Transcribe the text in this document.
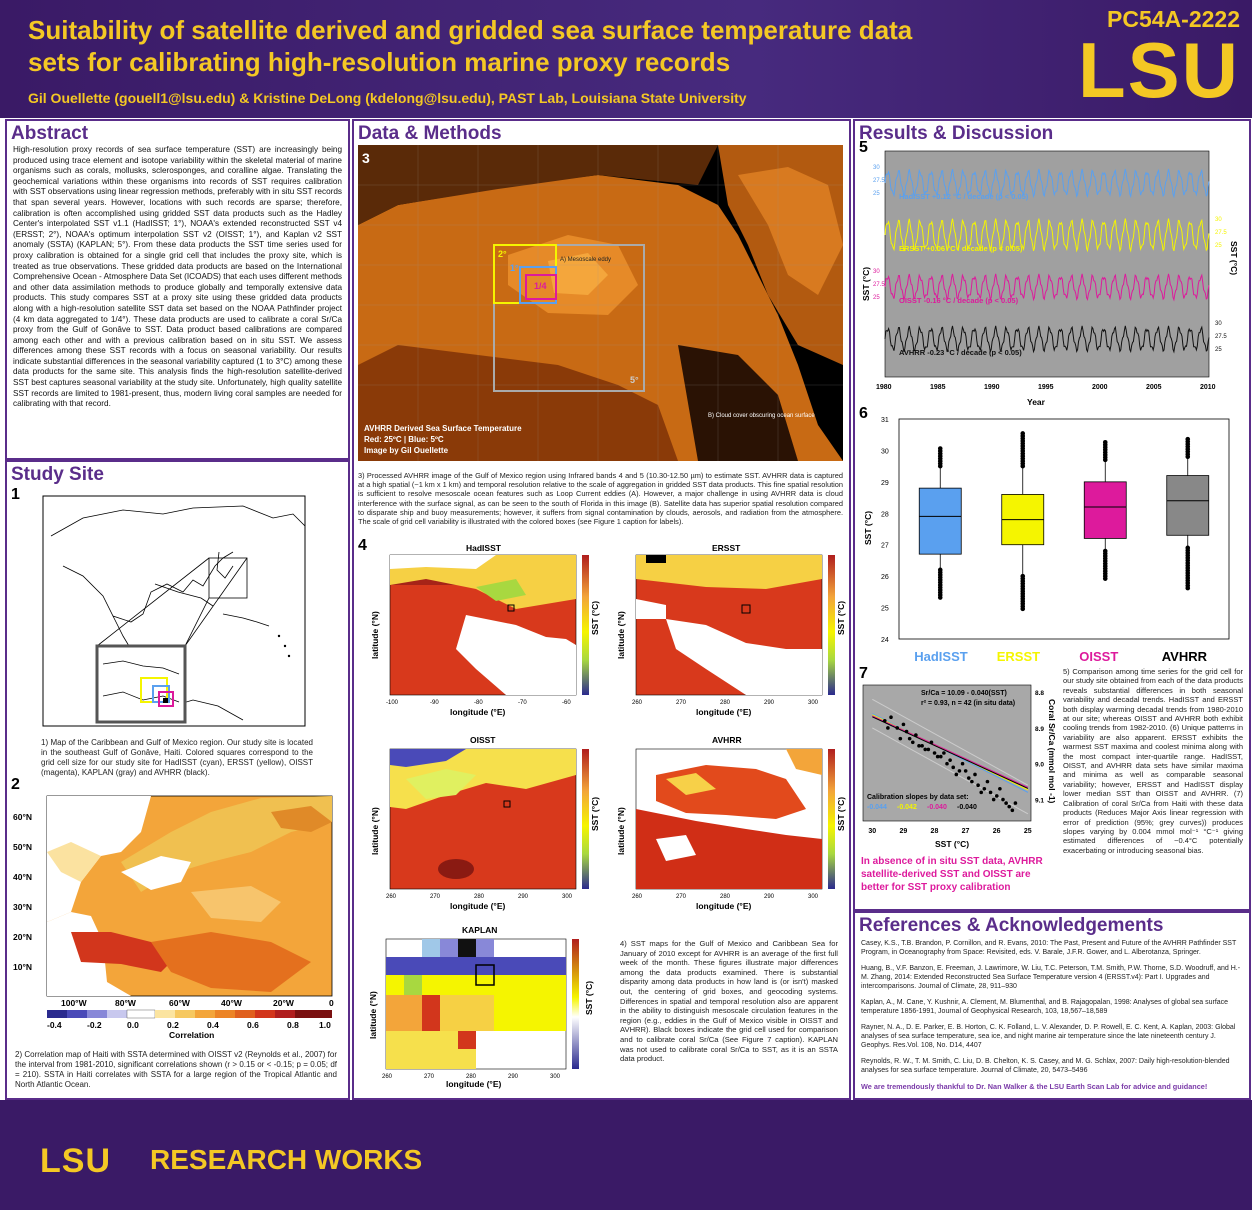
Suitability of satellite derived and gridded sea surface temperature data sets for calibrating high-resolution marine proxy records
Gil Ouellette (gouell1@lsu.edu) & Kristine DeLong (kdelong@lsu.edu), PAST Lab, Louisiana State University
PC54A-2222
LSU
Abstract
High-resolution proxy records of sea surface temperature (SST) are increasingly being produced using trace element and isotope variability within the skeletal material of marine organisms such as corals, mollusks, sclerosponges, and coralline algae. Translating the geochemical variations within these organisms into records of SST requires calibration with SST observations using linear regression methods, preferably with in situ SST records that span several years. However, locations with such records are sparse; therefore, calibration is often accomplished using gridded SST data products such as the Hadley Center's interpolated SST v1.1 (HadISST; 1°), NOAA's extended reconstructed SST v4 (ERSST; 2°), NOAA's optimum interpolation SST v2 (OISST; 1°), and Kaplan v2 SST anomaly (SSTA) (KAPLAN; 5°). From these data products the SST time series used for proxy calibration is obtained for a single grid cell that includes the proxy site, which is treated as true observations. These gridded data products are based on the International Comprehensive Ocean - Atmosphere Data Set (ICOADS) that each uses different methods and other data assimilation methods to produce globally and temporally extensive data products. This study compares SST at a proxy site using these gridded data products along with a high-resolution satellite SST data set based on the NOAA Pathfinder project (4 km data aggregated to 1/4°). These data products are used to calibrate a coral Sr/Ca proxy from the Gulf of Gonâve to SST. Data product based calibrations are compared among each other and with a previous calibration based on in situ SST. We assess differences among these SST records with a focus on seasonal variability. Our results indicate substantial differences in the seasonal variability captured (1 to 3°C) among these data products for the same site. This analysis finds the high-resolution satellite-derived SST best captures seasonal variability at the study site. Unfortunately, high quality satellite SST records are limited to 1981-present, thus, modern living coral samples are needed for calibrating with that record.
Study Site
1
1) Map of the Caribbean and Gulf of Mexico region. Our study site is located in the southeast Gulf of Gonâve, Haiti. Colored squares correspond to the grid cell size for our study site for HadISST (cyan), ERSST (yellow), OISST (magenta), KAPLAN (gray) and AVHRR (black).
2
60°N
50°N
40°N
30°N
20°N
10°N
100°W	80°W	60°W	40°W	20°W	0
-0.4	-0.2	0.0	0.2	0.4	0.6	0.8 1.0
Correlation
2) Correlation map of Haiti with SSTA determined with OISST v2 (Reynolds et al., 2007) for the interval from 1981-2010, significant correlations shown (r > 0.15 or < -0.15; p = 0.05; df = 210). SSTA in Haiti correlates with SSTA for a large region of the Tropical Atlantic and North Atlantic Ocean.
Data & Methods
3
2°
1°
1/4
5°
A) Mesoscale eddy
B) Cloud cover obscuring ocean surface
AVHRR Derived Sea Surface Temperature
Red: 25ºC | Blue: 5ºC
Image by Gil Ouellette
3) Processed AVHRR image of the Gulf of Mexico region using Infrared bands 4 and 5 (10.30-12.50 µm) to estimate SST. AVHRR data is captured at a high spatial (~1 km x 1 km) and temporal resolution relative to the scale of aggregation in gridded SST data products. This fine spatial resolution is sufficient to resolve mesoscale ocean features such as Loop Current eddies (A). However, a major challenge in using AVHRR data is cloud interference with the surface signal, as can be seen to the south of Florida in this image (B). Satellite data has superior spatial resolution compared to disparate ship and buoy measurements; however, it suffers from signal contamination by clouds, aerosols, and radiation from the atmosphere. The scale of grid cell variability is illustrated with the colored boxes (see Figure 1 caption for labels).
4	HadISST
-100	-90	-80	-70	-60
longitude (°E)
latitude (°N)
ERSST
260	270	280	290	300
longitude (°E)
latitude (°N)
OISST
260	270	280	290	300
longitude (°E)
latitude (°N)
AVHRR
260	270	280	290	300
longitude (°E)
latitude (°N)
SST (°C)	SST (°C)
SST (°C)	SST (°C)
KAPLAN
260	270	280	290	300
longitude (°E)
latitude (°N)	SST (°C)
4) SST maps for the Gulf of Mexico and Caribbean Sea for January of 2010 except for AVHRR is an average of the first full week of the month. These figures illustrate major differences among the data products examined. There is substantial disparity among data products in how land is (or isn't) masked out, the centering of grid boxes, and geocoding systems. Differences in spatial and temporal resolution also are apparent in the ability to distinguish mesoscale circulation features in the region (e.g., eddies in the Gulf of Mexico visible in OISST and AVHRR). Black boxes indicate the grid cell used for comparison and to calibrate coral Sr/Ca (See Figure 7 caption). KAPLAN was not used to calibrate coral Sr/Ca to SST, as it is an SSTA data product.
Results & Discussion
5
HadISST +0.12 °C / decade (p < 0.05)
30
27.5
25
ERSST +0.06 °C / decade (p < 0.05)
30
27.5
25
OISST -0.16 °C / decade (p < 0.05)
30
27.5
25
AVHRR -0.23 °C / decade (p < 0.05)
30
27.5
25
1980	1985	1990	1995	2000	2005	2010
Year
SST (°C)
SST (°C)
6
24
25
26
27
28
29
30
31
HadISST ERSST	OISST	AVHRR
SST (°C)
7
30	29	28	27	26	25
8.8
8.9
9.0
9.1
Sr/Ca = 10.09 - 0.040(SST)
r² = 0.93, n = 42 (in situ data)
Calibration slopes by data set:
-0.044 -0.042 -0.040 -0.040
SST (°C)
Coral Sr/Ca (mmol mol -1)
In absence of in situ SST data, AVHRR satellite-derived SST and OISST are better for SST proxy calibration
5) Comparison among time series for the grid cell for our study site obtained from each of the data products reveals substantial differences in both seasonal variability and decadal trends. HadISST and ERSST both display warming decadal trends from 1980-2010 at our site; whereas OISST and AVHRR both exhibit cooling trends from 1982-2010. (6) Unique patterns in variability are also apparent. ERSST exhibits the warmest SST maxima and coolest minima along with the most compact inter-quartile range. HadISST, OISST, and AVHRR data sets have similar maxima and minima as well as comparable seasonal variability; however, ERSST and HadISST display lower median SST than OISST and AVHRR. (7) Calibration of coral Sr/Ca from Haiti with these data products (Reduces Major Axis linear regression with error of prediction (95%; grey curves)) produces slopes varying by 0.004 mmol mol⁻¹ °C⁻¹ giving estimated differences of ~0.4°C potentially exacerbating or introducing seasonal bias.
References & Acknowledgements
Casey, K.S., T.B. Brandon, P. Cornillon, and R. Evans, 2010: The Past, Present and Future of the AVHRR Pathfinder SST Program, in Oceanography from Space: Revisited, eds. V. Barale, J.F.R. Gower, and L. Alberotanza, Springer.
Huang, B., V.F. Banzon, E. Freeman, J. Lawrimore, W. Liu, T.C. Peterson, T.M. Smith, P.W. Thorne, S.D. Woodruff, and H.-M. Zhang, 2014: Extended Reconstructed Sea Surface Temperature version 4 (ERSST.v4): Part I. Upgrades and intercomparisons. Journal of Climate, 28, 911–930
Kaplan, A., M. Cane, Y. Kushnir, A. Clement, M. Blumenthal, and B. Rajagopalan, 1998: Analyses of global sea surface temperature 1856-1991, Journal of Geophysical Research, 103, 18,567–18,589
Rayner, N. A., D. E. Parker, E. B. Horton, C. K. Folland, L. V. Alexander, D. P. Rowell, E. C. Kent, A. Kaplan, 2003: Global analyses of sea surface temperature, sea ice, and night marine air temperature since the late nineteenth century J. Geophys. Res.Vol. 108, No. D14, 4407
Reynolds, R. W., T. M. Smith, C. Liu, D. B. Chelton, K. S. Casey, and M. G. Schlax, 2007: Daily high-resolution-blended analyses for sea surface temperature. Journal of Climate, 20, 5473–5496
We are tremendously thankful to Dr. Nan Walker & the LSU Earth Scan Lab for advice and guidance!
LSU RESEARCH WORKS
